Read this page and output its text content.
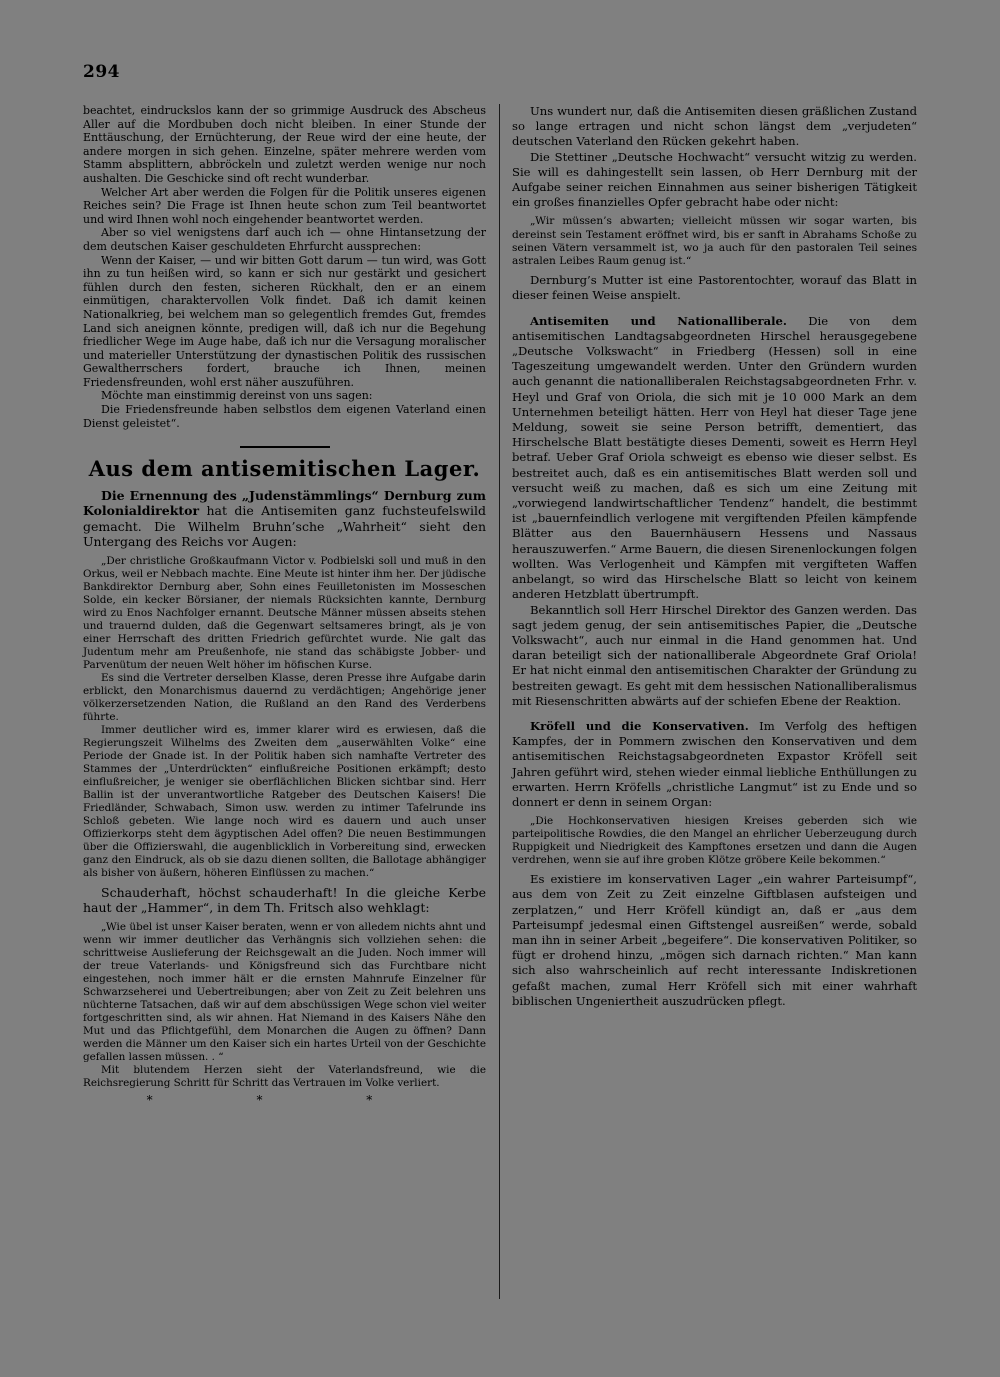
294

beachtet, eindruckslos kann der so grimmige Ausdruck des Abscheus Aller auf die Mordbuben doch nicht bleiben. In einer Stunde der Enttäuschung, der Ernüchterung, der Reue wird der eine heute, der andere morgen in sich gehen. Einzelne, später mehrere werden vom Stamm absplittern, abbröckeln und zuletzt werden wenige nur noch aushalten. Die Geschicke sind oft recht wunderbar.

Welcher Art aber werden die Folgen für die Politik unseres eigenen Reiches sein? Die Frage ist Ihnen heute schon zum Teil beantwortet und wird Ihnen wohl noch eingehender beantwortet werden.

Aber so viel wenigstens darf auch ich — ohne Hintansetzung der dem deutschen Kaiser geschuldeten Ehrfurcht aussprechen:

Wenn der Kaiser, — und wir bitten Gott darum — tun wird, was Gott ihn zu tun heißen wird, so kann er sich nur gestärkt und gesichert fühlen durch den festen, sicheren Rückhalt, den er an einem einmütigen, charaktervollen Volk findet. Daß ich damit keinen Nationalkrieg, bei welchem man so gelegentlich fremdes Gut, fremdes Land sich aneignen könnte, predigen will, daß ich nur die Begehung friedlicher Wege im Auge habe, daß ich nur die Versagung moralischer und materieller Unterstützung der dynastischen Politik des russischen Gewaltherrschers fordert, brauche ich Ihnen, meinen Friedensfreunden, wohl erst näher auszuführen.

Möchte man einstimmig dereinst von uns sagen:

Die Friedensfreunde haben selbstlos dem eigenen Vaterland einen Dienst geleistet“.

Aus dem antisemitischen Lager.

Die Ernennung des „Judenstämmlings“ Dernburg zum Kolonialdirektor hat die Antisemiten ganz fuchsteufelswild gemacht. Die Wilhelm Bruhn’sche „Wahrheit“ sieht den Untergang des Reichs vor Augen:

„Der christliche Großkaufmann Victor v. Podbielski soll und muß in den Orkus, weil er Nebbach machte. Eine Meute ist hinter ihm her. Der jüdische Bankdirektor Dernburg aber, Sohn eines Feuilletonisten im Mosseschen Solde, ein kecker Börsianer, der niemals Rücksichten kannte, Dernburg wird zu Enos Nachfolger ernannt. Deutsche Männer müssen abseits stehen und trauernd dulden, daß die Gegenwart seltsameres bringt, als je von einer Herrschaft des dritten Friedrich gefürchtet wurde. Nie galt das Judentum mehr am Preußenhofe, nie stand das schäbigste Jobber- und Parvenütum der neuen Welt höher im höfischen Kurse.

Es sind die Vertreter derselben Klasse, deren Presse ihre Aufgabe darin erblickt, den Monarchismus dauernd zu verdächtigen; Angehörige jener völkerzersetzenden Nation, die Rußland an den Rand des Verderbens führte.

Immer deutlicher wird es, immer klarer wird es erwiesen, daß die Regierungszeit Wilhelms des Zweiten dem „auserwählten Volke“ eine Periode der Gnade ist. In der Politik haben sich namhafte Vertreter des Stammes der „Unterdrückten“ einflußreiche Positionen erkämpft; desto einflußreicher, je weniger sie oberflächlichen Blicken sichtbar sind. Herr Ballin ist der unverantwortliche Ratgeber des Deutschen Kaisers! Die Friedländer, Schwabach, Simon usw. werden zu intimer Tafelrunde ins Schloß gebeten. Wie lange noch wird es dauern und auch unser Offizierkorps steht dem ägyptischen Adel offen? Die neuen Bestimmungen über die Offizierswahl, die augenblicklich in Vorbereitung sind, erwecken ganz den Eindruck, als ob sie dazu dienen sollten, die Ballotage abhängiger als bisher von äußern, höheren Einflüssen zu machen.“

Schauderhaft, höchst schauderhaft! In die gleiche Kerbe haut der „Hammer“, in dem Th. Fritsch also wehklagt:

„Wie übel ist unser Kaiser beraten, wenn er von alledem nichts ahnt und wenn wir immer deutlicher das Verhängnis sich vollziehen sehen: die schrittweise Auslieferung der Reichsgewalt an die Juden. Noch immer will der treue Vaterlands- und Königsfreund sich das Furchtbare nicht eingestehen, noch immer hält er die ernsten Mahnrufe Einzelner für Schwarzseherei und Uebertreibungen; aber von Zeit zu Zeit belehren uns nüchterne Tatsachen, daß wir auf dem abschüssigen Wege schon viel weiter fortgeschritten sind, als wir ahnen. Hat Niemand in des Kaisers Nähe den Mut und das Pflichtgefühl, dem Monarchen die Augen zu öffnen? Dann werden die Männer um den Kaiser sich ein hartes Urteil von der Geschichte gefallen lassen müssen. . “

Mit blutendem Herzen sieht der Vaterlandsfreund, wie die Reichsregierung Schritt für Schritt das Vertrauen im Volke verliert.

* * *

Uns wundert nur, daß die Antisemiten diesen gräßlichen Zustand so lange ertragen und nicht schon längst dem „verjudeten“ deutschen Vaterland den Rücken gekehrt haben.

Die Stettiner „Deutsche Hochwacht“ versucht witzig zu werden. Sie will es dahingestellt sein lassen, ob Herr Dernburg mit der Aufgabe seiner reichen Einnahmen aus seiner bisherigen Tätigkeit ein großes finanzielles Opfer gebracht habe oder nicht:

„Wir müssen’s abwarten; vielleicht müssen wir sogar warten, bis dereinst sein Testament eröffnet wird, bis er sanft in Abrahams Schoße zu seinen Vätern versammelt ist, wo ja auch für den pastoralen Teil seines astralen Leibes Raum genug ist.“

Dernburg’s Mutter ist eine Pastorentochter, worauf das Blatt in dieser feinen Weise anspielt.

Antisemiten und Nationalliberale. Die von dem antisemitischen Landtagsabgeordneten Hirschel herausgegebene „Deutsche Volkswacht“ in Friedberg (Hessen) soll in eine Tageszeitung umgewandelt werden. Unter den Gründern wurden auch genannt die nationalliberalen Reichstagsabgeordneten Frhr. v. Heyl und Graf von Oriola, die sich mit je 10 000 Mark an dem Unternehmen beteiligt hätten. Herr von Heyl hat dieser Tage jene Meldung, soweit sie seine Person betrifft, dementiert, das Hirschelsche Blatt bestätigte dieses Dementi, soweit es Herrn Heyl betraf. Ueber Graf Oriola schweigt es ebenso wie dieser selbst. Es bestreitet auch, daß es ein antisemitisches Blatt werden soll und versucht weiß zu machen, daß es sich um eine Zeitung mit „vorwiegend landwirtschaftlicher Tendenz“ handelt, die bestimmt ist „bauernfeindlich verlogene mit vergiftenden Pfeilen kämpfende Blätter aus den Bauernhäusern Hessens und Nassaus herauszuwerfen.“ Arme Bauern, die diesen Sirenenlockungen folgen wollten. Was Verlogenheit und Kämpfen mit vergifteten Waffen anbelangt, so wird das Hirschelsche Blatt so leicht von keinem anderen Hetzblatt übertrumpft.

Bekanntlich soll Herr Hirschel Direktor des Ganzen werden. Das sagt jedem genug, der sein antisemitisches Papier, die „Deutsche Volkswacht“, auch nur einmal in die Hand genommen hat. Und daran beteiligt sich der nationalliberale Abgeordnete Graf Oriola! Er hat nicht einmal den antisemitischen Charakter der Gründung zu bestreiten gewagt. Es geht mit dem hessischen Nationalliberalismus mit Riesenschritten abwärts auf der schiefen Ebene der Reaktion.

Kröfell und die Konservativen. Im Verfolg des heftigen Kampfes, der in Pommern zwischen den Konservativen und dem antisemitischen Reichstagsabgeordneten Expastor Kröfell seit Jahren geführt wird, stehen wieder einmal liebliche Enthüllungen zu erwarten. Herrn Kröfells „christliche Langmut“ ist zu Ende und so donnert er denn in seinem Organ:

„Die Hochkonservativen hiesigen Kreises geberden sich wie parteipolitische Rowdies, die den Mangel an ehrlicher Ueberzeugung durch Ruppigkeit und Niedrigkeit des Kampftones ersetzen und dann die Augen verdrehen, wenn sie auf ihre groben Klötze gröbere Keile bekommen.“

Es existiere im konservativen Lager „ein wahrer Parteisumpf“, aus dem von Zeit zu Zeit einzelne Giftblasen aufsteigen und zerplatzen,“ und Herr Kröfell kündigt an, daß er „aus dem Parteisumpf jedesmal einen Giftstengel ausreißen“ werde, sobald man ihn in seiner Arbeit „begeifere“. Die konservativen Politiker, so fügt er drohend hinzu, „mögen sich darnach richten.“ Man kann sich also wahrscheinlich auf recht interessante Indiskretionen gefaßt machen, zumal Herr Kröfell sich mit einer wahrhaft biblischen Ungeniertheit auszudrücken pflegt.
